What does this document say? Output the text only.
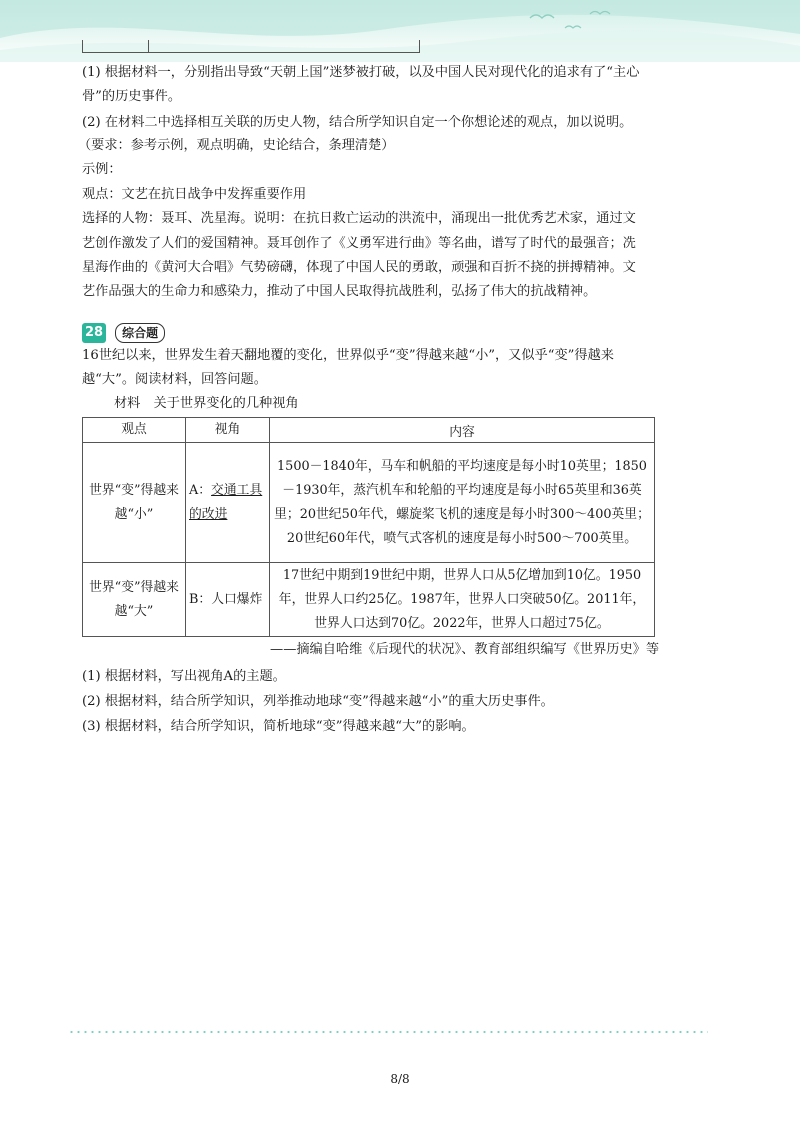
(1) 根据材料一，分别指出导致“天朝上国”迷梦被打破，以及中国人民对现代化的追求有了“主心
骨”的历史事件。
(2) 在材料二中选择相互关联的历史人物，结合所学知识自定一个你想论述的观点，加以说明。
（要求：参考示例，观点明确，史论结合，条理清楚）
示例：
观点：文艺在抗日战争中发挥重要作用
选择的人物：聂耳、冼星海。说明：在抗日救亡运动的洪流中，涌现出一批优秀艺术家，通过文
艺创作激发了人们的爱国精神。聂耳创作了《义勇军进行曲》等名曲，谱写了时代的最强音；冼
星海作曲的《黄河大合唱》气势磅礴，体现了中国人民的勇敢，顽强和百折不挠的拼搏精神。文
艺作品强大的生命力和感染力，推动了中国人民取得抗战胜利，弘扬了伟大的抗战精神。
28 综合题
16世纪以来，世界发生着天翻地覆的变化，世界似乎“变”得越来越“小”，又似乎“变”得越来
越“大”。阅读材料，回答问题。
材料　关于世界变化的几种视角
观点	视角	内容
世界“变”得越来越“小”	A：交通工具的改进	1500－1840年，马车和帆船的平均速度是每小时10英里；1850－1930年，蒸汽机车和轮船的平均速度是每小时65英里和36英里；20世纪50年代，螺旋桨飞机的速度是每小时300～400英里；20世纪60年代，喷气式客机的速度是每小时500～700英里。
世界“变”得越来越“大”	B：人口爆炸	17世纪中期到19世纪中期，世界人口从5亿增加到10亿。1950年，世界人口约25亿。1987年，世界人口突破50亿。2011年，世界人口达到70亿。2022年，世界人口超过75亿。
——摘编自哈维《后现代的状况》、教育部组织编写《世界历史》等
(1) 根据材料，写出视角A的主题。
(2) 根据材料，结合所学知识，列举推动地球“变”得越来越“小”的重大历史事件。
(3) 根据材料，结合所学知识，简析地球“变”得越来越“大”的影响。
8/8
